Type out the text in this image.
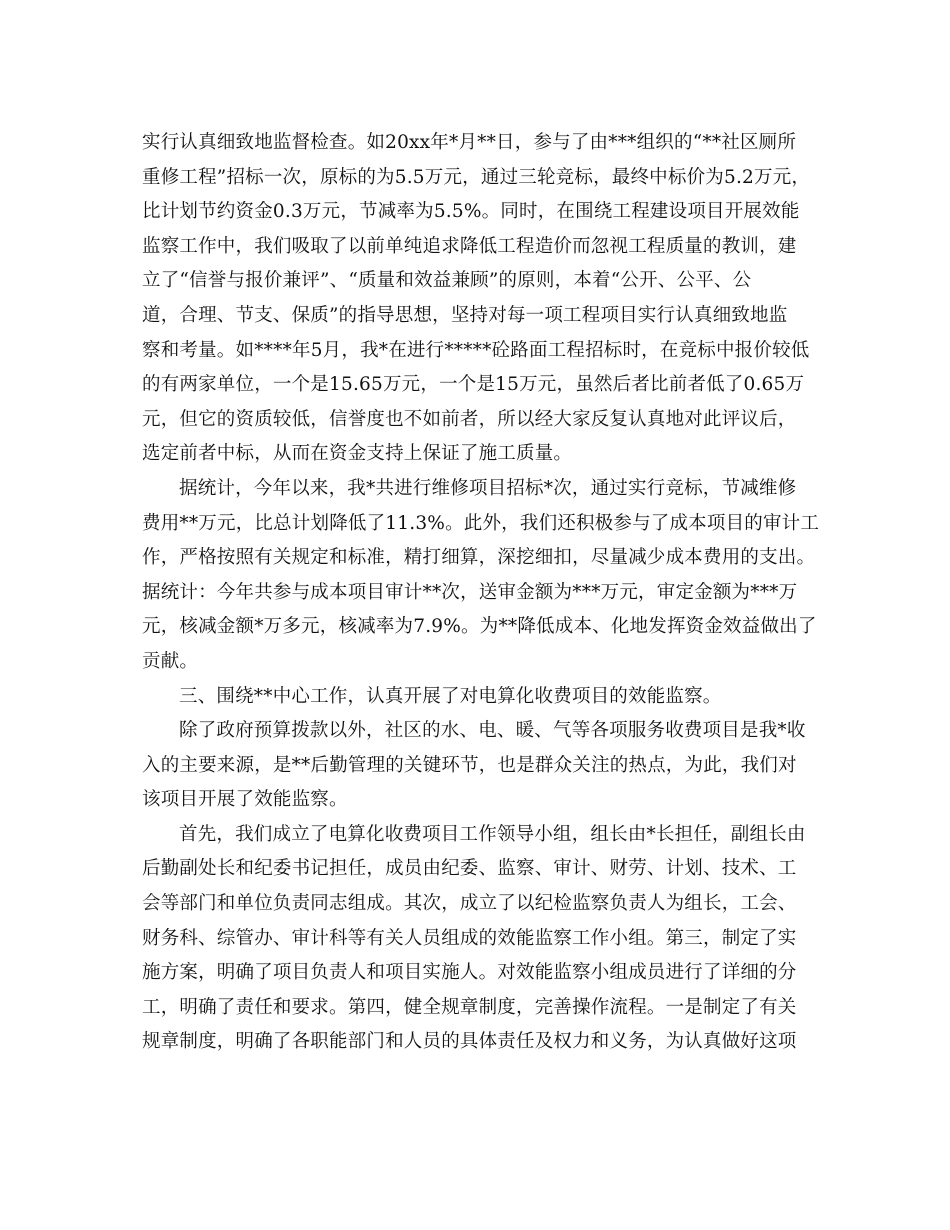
实行认真细致地监督检查。如20xx年*月**日，参与了由***组织的“**社区厕所
重修工程”招标一次，原标的为5.5万元，通过三轮竞标，最终中标价为5.2万元，
比计划节约资金0.3万元，节减率为5.5%。同时，在围绕工程建设项目开展效能
监察工作中，我们吸取了以前单纯追求降低工程造价而忽视工程质量的教训，建
立了“信誉与报价兼评”、“质量和效益兼顾”的原则，本着“公开、公平、公
道，合理、节支、保质”的指导思想，坚持对每一项工程项目实行认真细致地监
察和考量。如****年5月，我*在进行*****砼路面工程招标时，在竞标中报价较低
的有两家单位，一个是15.65万元，一个是15万元，虽然后者比前者低了0.65万
元，但它的资质较低，信誉度也不如前者，所以经大家反复认真地对此评议后，
选定前者中标，从而在资金支持上保证了施工质量。
据统计，今年以来，我*共进行维修项目招标*次，通过实行竞标，节减维修
费用**万元，比总计划降低了11.3%。此外，我们还积极参与了成本项目的审计工
作，严格按照有关规定和标准，精打细算，深挖细扣，尽量减少成本费用的支出。
据统计：今年共参与成本项目审计**次，送审金额为***万元，审定金额为***万
元，核减金额*万多元，核减率为7.9%。为**降低成本、化地发挥资金效益做出了
贡献。
三、围绕**中心工作，认真开展了对电算化收费项目的效能监察。
除了政府预算拨款以外，社区的水、电、暖、气等各项服务收费项目是我*收
入的主要来源，是**后勤管理的关键环节，也是群众关注的热点，为此，我们对
该项目开展了效能监察。
首先，我们成立了电算化收费项目工作领导小组，组长由*长担任，副组长由
后勤副处长和纪委书记担任，成员由纪委、监察、审计、财劳、计划、技术、工
会等部门和单位负责同志组成。其次，成立了以纪检监察负责人为组长，工会、
财务科、综管办、审计科等有关人员组成的效能监察工作小组。第三，制定了实
施方案，明确了项目负责人和项目实施人。对效能监察小组成员进行了详细的分
工，明确了责任和要求。第四，健全规章制度，完善操作流程。一是制定了有关
规章制度，明确了各职能部门和人员的具体责任及权力和义务，为认真做好这项
